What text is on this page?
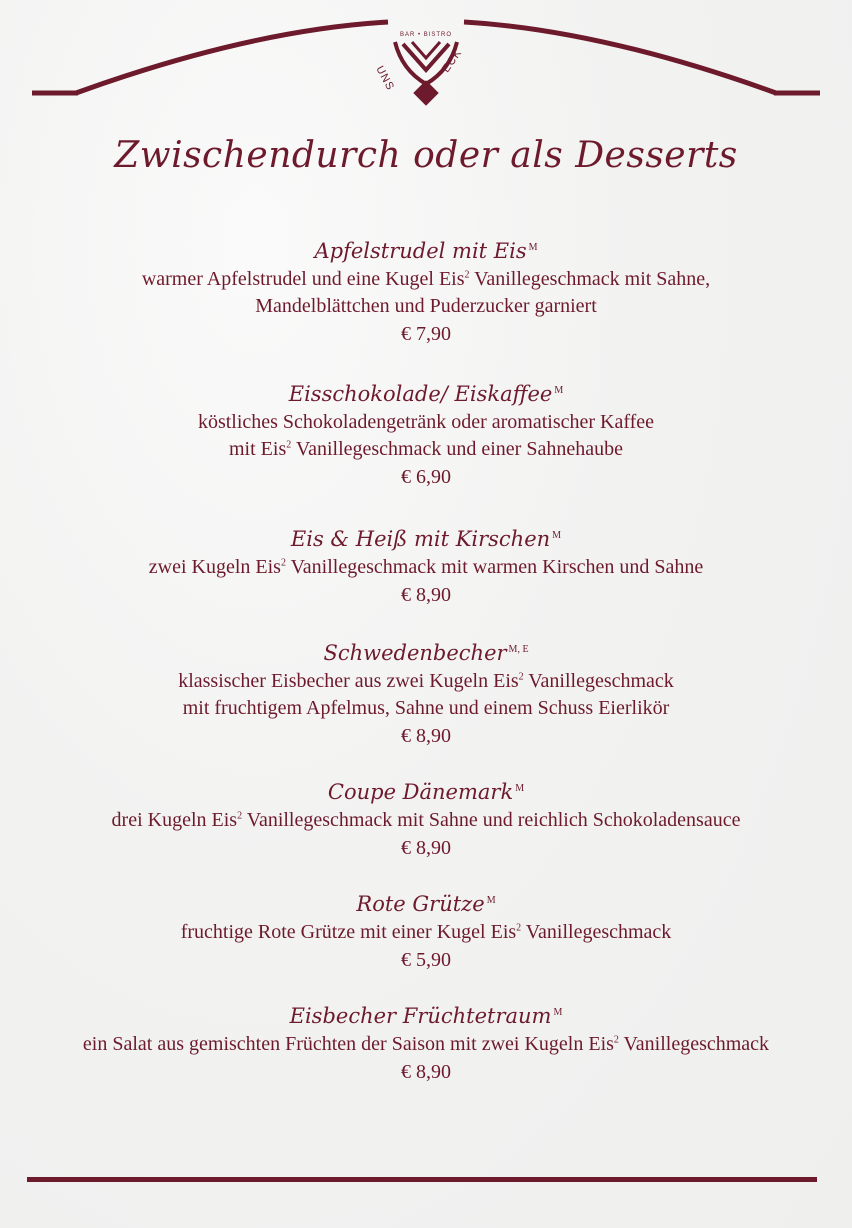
BAR • BISTRO
UNS
ECK
Zwischendurch oder als Desserts
Apfelstrudel mit Eis $^M$
warmer Apfelstrudel und eine Kugel Eis$^2$ Vanillegeschmack mit Sahne,
Mandelblättchen und Puderzucker garniert
€ 7,90
Eisschokolade/ Eiskaffee $^M$
köstliches Schokoladengetränk oder aromatischer Kaffee
mit Eis$^2$ Vanillegeschmack und einer Sahnehaube
€ 6,90
Eis & Heiß mit Kirschen $^M$
zwei Kugeln Eis$^2$ Vanillegeschmack mit warmen Kirschen und Sahne
€ 8,90
Schwedenbecher $^{M, E}$
klassischer Eisbecher aus zwei Kugeln Eis$^2$ Vanillegeschmack
mit fruchtigem Apfelmus, Sahne und einem Schuss Eierlikör
€ 8,90
Coupe Dänemark $^M$
drei Kugeln Eis$^2$ Vanillegeschmack mit Sahne und reichlich Schokoladensauce
€ 8,90
Rote Grütze $^M$
fruchtige Rote Grütze mit einer Kugel Eis$^2$ Vanillegeschmack
€ 5,90
Eisbecher Früchtetraum $^M$
ein Salat aus gemischten Früchten der Saison mit zwei Kugeln Eis$^2$ Vanillegeschmack
€ 8,90
